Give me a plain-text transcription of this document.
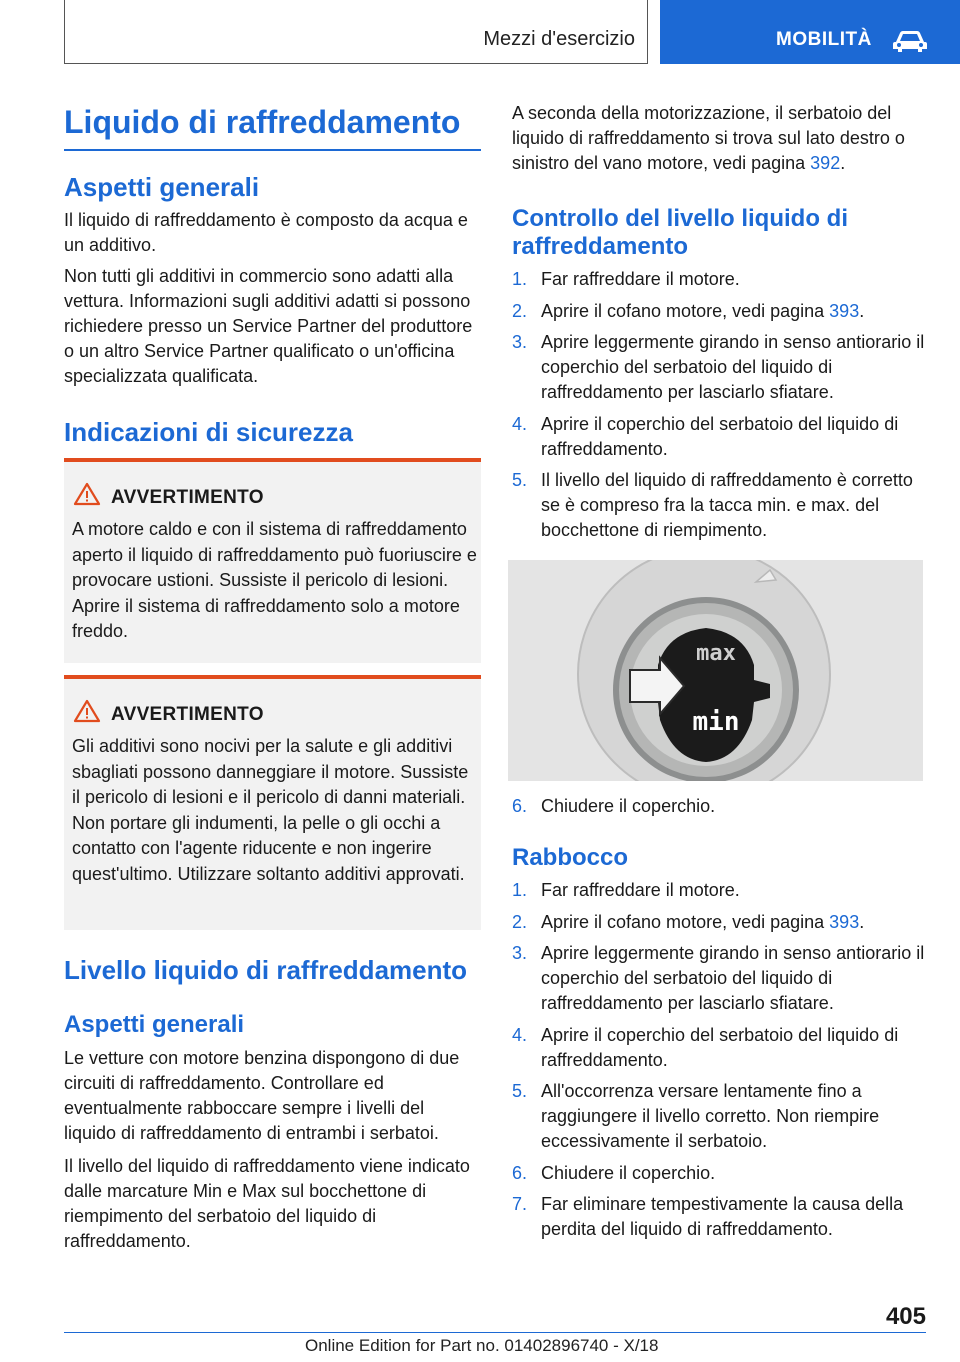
Mezzi d'esercizio	MOBILITÀ
Liquido di raffreddamento
Aspetti generali

Il liquido di raffreddamento è composto da acqua e un additivo.

Non tutti gli additivi in commercio sono adatti alla vettura. Informazioni sugli additivi adatti si possono richiedere presso un Service Partner del produttore o un altro Service Partner qualificato o un'officina specializzata qualificata.

Indicazioni di sicurezza
AVVERTIMENTO

A motore caldo e con il sistema di raffreddamento aperto il liquido di raffreddamento può fuoriuscire e provocare ustioni. Sussiste il pericolo di lesioni. Aprire il sistema di raffreddamento solo a motore freddo.

AVVERTIMENTO

Gli additivi sono nocivi per la salute e gli additivi sbagliati possono danneggiare il motore. Sussiste il pericolo di lesioni e il pericolo di danni materiali. Non portare gli indumenti, la pelle o gli occhi a contatto con l'agente riducente e non ingerire quest'ultimo. Utilizzare soltanto additivi approvati.

Livello liquido di raffreddamento
Aspetti generali

Le vetture con motore benzina dispongono di due circuiti di raffreddamento. Controllare ed eventualmente rabboccare sempre i livelli del liquido di raffreddamento di entrambi i serbatoi.

Il livello del liquido di raffreddamento viene indicato dalle marcature Min e Max sul bocchettone di riempimento del serbatoio del liquido di raffreddamento.

A seconda della motorizzazione, il serbatoio del liquido di raffreddamento si trova sul lato destro o sinistro del vano motore, vedi pagina 392.

Controllo del livello liquido di
raffreddamento
1. Far raffreddare il motore.
2. Aprire il cofano motore, vedi pagina 393.
3. Aprire leggermente girando in senso antiorario il coperchio del serbatoio del liquido di raffreddamento per lasciarlo sfiatare.
4. Aprire il coperchio del serbatoio del liquido di raffreddamento.
5. Il livello del liquido di raffreddamento è corretto se è compreso fra la tacca min. e max. del bocchettone di riempimento.
max
min
6. Chiudere il coperchio.
Rabbocco
1. Far raffreddare il motore.
2. Aprire il cofano motore, vedi pagina 393.
3. Aprire leggermente girando in senso antiorario il coperchio del serbatoio del liquido di raffreddamento per lasciarlo sfiatare.
4. Aprire il coperchio del serbatoio del liquido di raffreddamento.
5. All'occorrenza versare lentamente fino a raggiungere il livello corretto. Non riempire eccessivamente il serbatoio.
6. Chiudere il coperchio.
7. Far eliminare tempestivamente la causa della perdita del liquido di raffreddamento.
405
Online Edition for Part no. 01402896740 - X/18
